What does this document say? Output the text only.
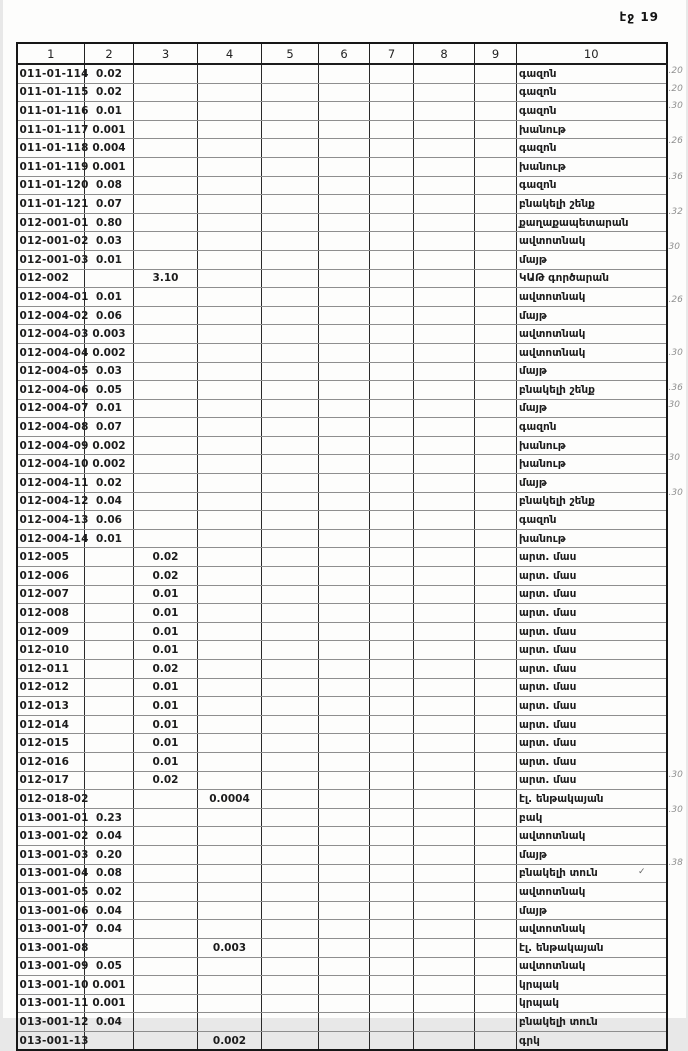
էջ 19
1	2	3	4	5	6	7	8	9	10
011-01-114	0.02								գազոն
011-01-115	0.02								գազոն
011-01-116	0.01								գազոն
011-01-117	0.001								խանութ
011-01-118	0.004								գազոն
011-01-119	0.001								խանութ
011-01-120	0.08								գազոն
011-01-121	0.07								բնակելի շենք
012-001-01	0.80								քաղաքապետարան
012-001-02	0.03								ավտոտնակ
012-001-03	0.01								մայթ
012-002		3.10							ԿԱԹ գործարան
012-004-01	0.01								ավտոտնակ
012-004-02	0.06								մայթ
012-004-03	0.003								ավտոտնակ
012-004-04	0.002								ավտոտնակ
012-004-05	0.03								մայթ
012-004-06	0.05								բնակելի շենք
012-004-07	0.01								մայթ
012-004-08	0.07								գազոն
012-004-09	0.002								խանութ
012-004-10	0.002								խանութ
012-004-11	0.02								մայթ
012-004-12	0.04								բնակելի շենք
012-004-13	0.06								գազոն
012-004-14	0.01								խանութ
012-005		0.02							արտ. մաս
012-006		0.02							արտ. մաս
012-007		0.01							արտ. մաս
012-008		0.01							արտ. մաս
012-009		0.01							արտ. մաս
012-010		0.01							արտ. մաս
012-011		0.02							արտ. մաս
012-012		0.01							արտ. մաս
012-013		0.01							արտ. մաս
012-014		0.01							արտ. մաս
012-015		0.01							արտ. մաս
012-016		0.01							արտ. մաս
012-017		0.02							արտ. մաս
012-018-02			0.0004						էլ. ենթակայան
013-001-01	0.23								բակ
013-001-02	0.04								ավտոտնակ
013-001-03	0.20								մայթ
013-001-04	0.08								բնակելի տուն ✓

013-001-05	0.02								ավտոտնակ
013-001-06	0.04								մայթ
013-001-07	0.04								ավտոտնակ
013-001-08			0.003						էլ. ենթակայան
013-001-09	0.05								ավտոտնակ
013-001-10	0.001								կրպակ
013-001-11	0.001								կրպակ
013-001-12	0.04								բնակելի տուն
013-001-13			0.002						գրկ
.20
.20
.30
.26
.36
.32
30
.26
.30
.36
30
30
.30
.30
.30
.38
